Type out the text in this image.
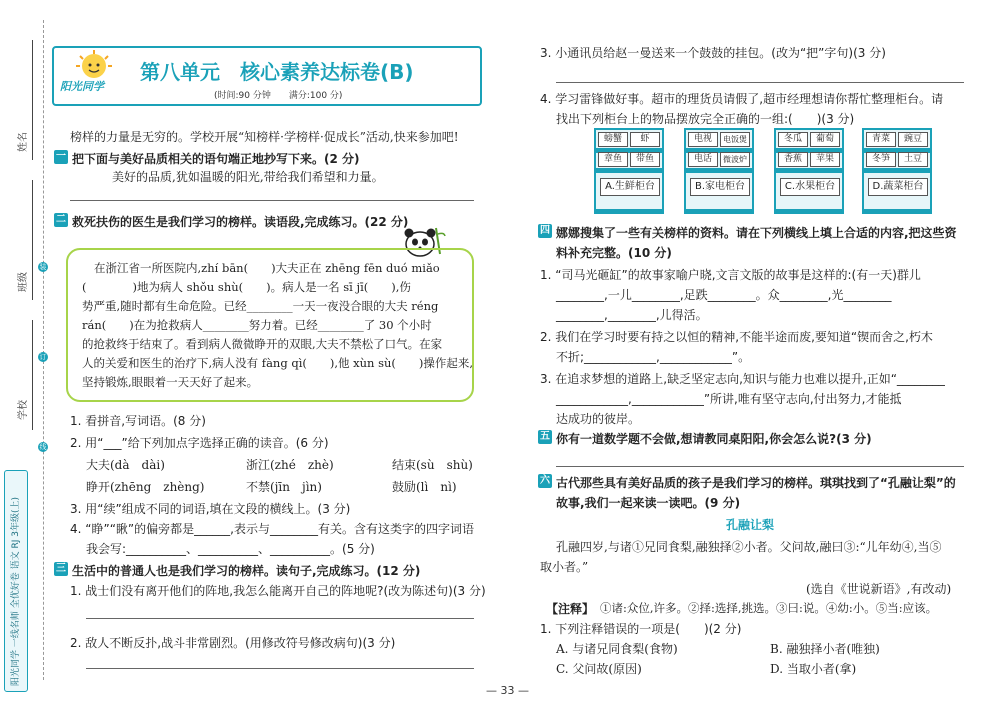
姓名
班级
学校
装
订
线
阳光同学 一线名师 全优好卷 语文 RJ 3年级(上)
阳光同学
第八单元　核心素养达标卷(B)
(时间:90 分钟　　满分:100 分)
榜样的力量是无穷的。学校开展“知榜样·学榜样·促成长”活动,快来参加吧!
一 把下面与美好品质相关的语句端正地抄写下来。(2 分)
美好的品质,犹如温暖的阳光,带给我们希望和力量。
二 救死扶伤的医生是我们学习的榜样。读语段,完成练习。(22 分)
在浙江省一所医院内,zhí bān(　　)大夫正在 zhēng fēn duó miǎo
(　　　　)地为病人 shǒu shù(　　)。病人是一名 sī jī(　　),伤
势严重,随时都有生命危险。已经________一天一夜没合眼的大夫 réng
rán(　　)在为抢救病人________努力着。已经________了 30 个小时
的抢救终于结束了。看到病人微微睁开的双眼,大夫不禁松了口气。在家
人的关爱和医生的治疗下,病人没有 fàng qì(　　),他 xùn sù(　　)操作起来,
坚持锻炼,眼眼着一天天好了起来。
1. 看拼音,写词语。(8 分)
2. 用“___”给下列加点字选择正确的读音。(6 分)
大夫(dà　dài)	浙江(zhé　zhè)	结束(sù　shù)
睁开(zhēng　zhèng)	不禁(jīn　jìn)	鼓励(lì　nì)
3. 用“续”组成不同的词语,填在文段的横线上。(3 分)
4. “睁”“瞅”的偏旁都是______,表示与________有关。含有这类字的四字词语
我会写:__________、__________、__________。(5 分)
三 生活中的普通人也是我们学习的榜样。读句子,完成练习。(12 分)
1. 战士们没有离开他们的阵地,我怎么能离开自己的阵地呢?(改为陈述句)(3 分)
2. 敌人不断反扑,战斗非常剧烈。(用修改符号修改病句)(3 分)
3. 小通讯员给赵一曼送来一个鼓鼓的挂包。(改为“把”字句)(3 分)
4. 学习雷锋做好事。超市的理货员请假了,超市经理想请你帮忙整理柜台。请
找出下列柜台上的物品摆放完全正确的一组:(　　)(3 分)
螃蟹	虾
章鱼	带鱼
A.生鲜柜台
电视	电饭煲
电话	微波炉
B.家电柜台
冬瓜	葡萄
香蕉	苹果
C.水果柜台
青菜	豌豆
冬笋	土豆
D.蔬菜柜台
四 娜娜搜集了一些有关榜样的资料。请在下列横线上填上合适的内容,把这些资
料补充完整。(10 分)
1. “司马光砸缸”的故事家喻户晓,文言文版的故事是这样的:(有一天)群儿
________,一儿________,足跌________。众________,光________
________,________,儿得活。
2. 我们在学习时要有持之以恒的精神,不能半途而废,要知道“锲而舍之,朽木
不折;____________,____________”。
3. 在追求梦想的道路上,缺乏坚定志向,知识与能力也难以提升,正如“________
____________,____________”所讲,唯有坚守志向,付出努力,才能抵
达成功的彼岸。
五 你有一道数学题不会做,想请教同桌阳阳,你会怎么说?(3 分)
六 古代那些具有美好品质的孩子是我们学习的榜样。琪琪找到了“孔融让梨”的
故事,我们一起来读一读吧。(9 分)
孔融让梨
孔融四岁,与诸①兄同食梨,融独择②小者。父问故,融曰③:“儿年幼④,当⑤
取小者。”
(选自《世说新语》,有改动)
【注释】 ①诸:众位,许多。②择:选择,挑选。③曰:说。④幼:小。⑤当:应该。
1. 下列注释错误的一项是(　　)(2 分)
A. 与诸兄同食梨(食物)	B. 融独择小者(唯独)
C. 父问故(原因)	D. 当取小者(拿)
— 33 —
